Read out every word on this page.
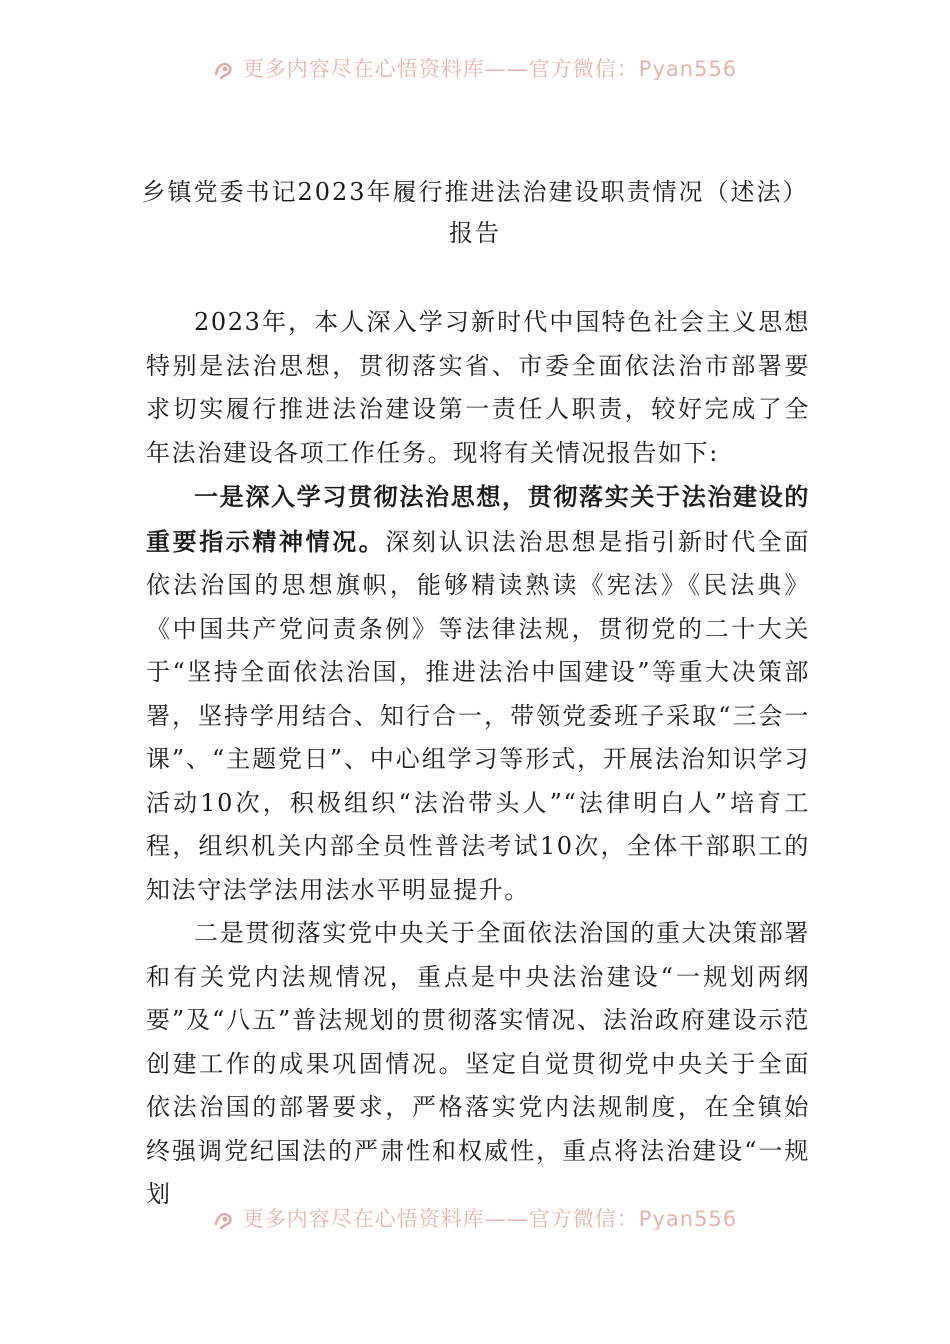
更多内容尽在心悟资料库——官方微信：Pyan556
乡镇党委书记2023年履行推进法治建设职责情况（述法）
报告

2023年，本人深入学习新时代中国特色社会主义思想特别是法治思想，贯彻落实省、市委全面依法治市部署要求切实履行推进法治建设第一责任人职责，较好完成了全年法治建设各项工作任务。现将有关情况报告如下:

一是深入学习贯彻法治思想，贯彻落实关于法治建设的重要指示精神情况。深刻认识法治思想是指引新时代全面依法治国的思想旗帜，能够精读熟读《宪法》《民法典》《中国共产党问责条例》等法律法规，贯彻党的二十大关于“坚持全面依法治国，推进法治中国建设”等重大决策部署，坚持学用结合、知行合一，带领党委班子采取“三会一课”、“主题党日”、中心组学习等形式，开展法治知识学习活动10次，积极组织“法治带头人”“法律明白人”培育工程，组织机关内部全员性普法考试10次，全体干部职工的知法守法学法用法水平明显提升。

二是贯彻落实党中央关于全面依法治国的重大决策部署和有关党内法规情况，重点是中央法治建设“一规划两纲要”及“八五”普法规划的贯彻落实情况、法治政府建设示范创建工作的成果巩固情况。坚定自觉贯彻党中央关于全面依法治国的部署要求，严格落实党内法规制度，在全镇始终强调党纪国法的严肃性和权威性，重点将法治建设“一规划

更多内容尽在心悟资料库——官方微信：Pyan556
